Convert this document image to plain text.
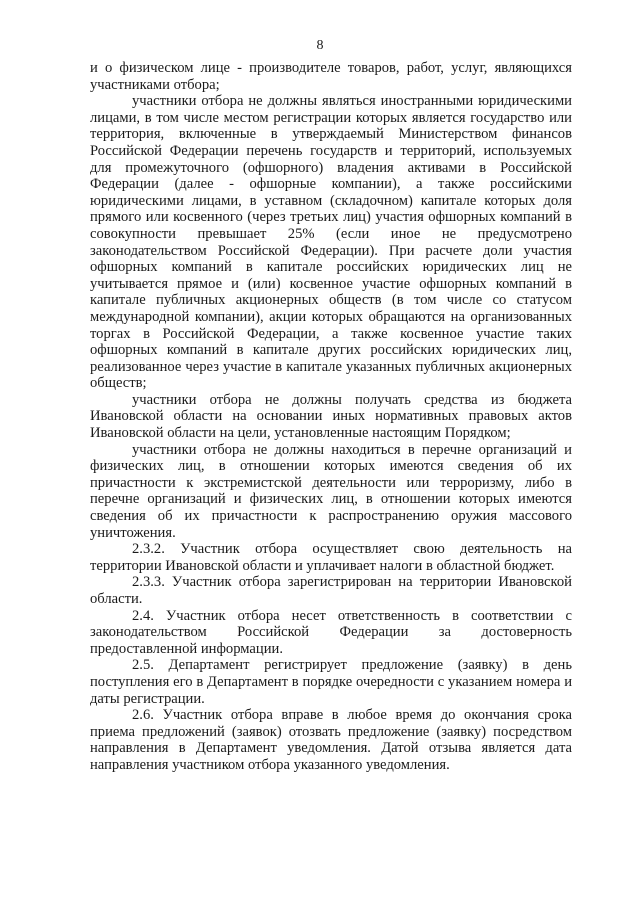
8

и о физическом лице - производителе товаров, работ, услуг, являющихся участниками отбора;

участники отбора не должны являться иностранными юридическими лицами, в том числе местом регистрации которых является государство или территория, включенные в утверждаемый Министерством финансов Российской Федерации перечень государств и территорий, используемых для промежуточного (офшорного) владения активами в Российской Федерации (далее - офшорные компании), а также российскими юридическими лицами, в уставном (складочном) капитале которых доля прямого или косвенного (через третьих лиц) участия офшорных компаний в совокупности превышает 25% (если иное не предусмотрено законодательством Российской Федерации). При расчете доли участия офшорных компаний в капитале российских юридических лиц не учитывается прямое и (или) косвенное участие офшорных компаний в капитале публичных акционерных обществ (в том числе со статусом международной компании), акции которых обращаются на организованных торгах в Российской Федерации, а также косвенное участие таких офшорных компаний в капитале других российских юридических лиц, реализованное через участие в капитале указанных публичных акционерных обществ;

участники отбора не должны получать средства из бюджета Ивановской области на основании иных нормативных правовых актов Ивановской области на цели, установленные настоящим Порядком;

участники отбора не должны находиться в перечне организаций и физических лиц, в отношении которых имеются сведения об их причастности к экстремистской деятельности или терроризму, либо в перечне организаций и физических лиц, в отношении которых имеются сведения об их причастности к распространению оружия массового уничтожения.

2.3.2. Участник отбора осуществляет свою деятельность на территории Ивановской области и уплачивает налоги в областной бюджет.

2.3.3. Участник отбора зарегистрирован на территории Ивановской области.

2.4. Участник отбора несет ответственность в соответствии с законодательством Российской Федерации за достоверность предоставленной информации.

2.5. Департамент регистрирует предложение (заявку) в день поступления его в Департамент в порядке очередности с указанием номера и даты регистрации.

2.6. Участник отбора вправе в любое время до окончания срока приема предложений (заявок) отозвать предложение (заявку) посредством направления в Департамент уведомления. Датой отзыва является дата направления участником отбора указанного уведомления.
